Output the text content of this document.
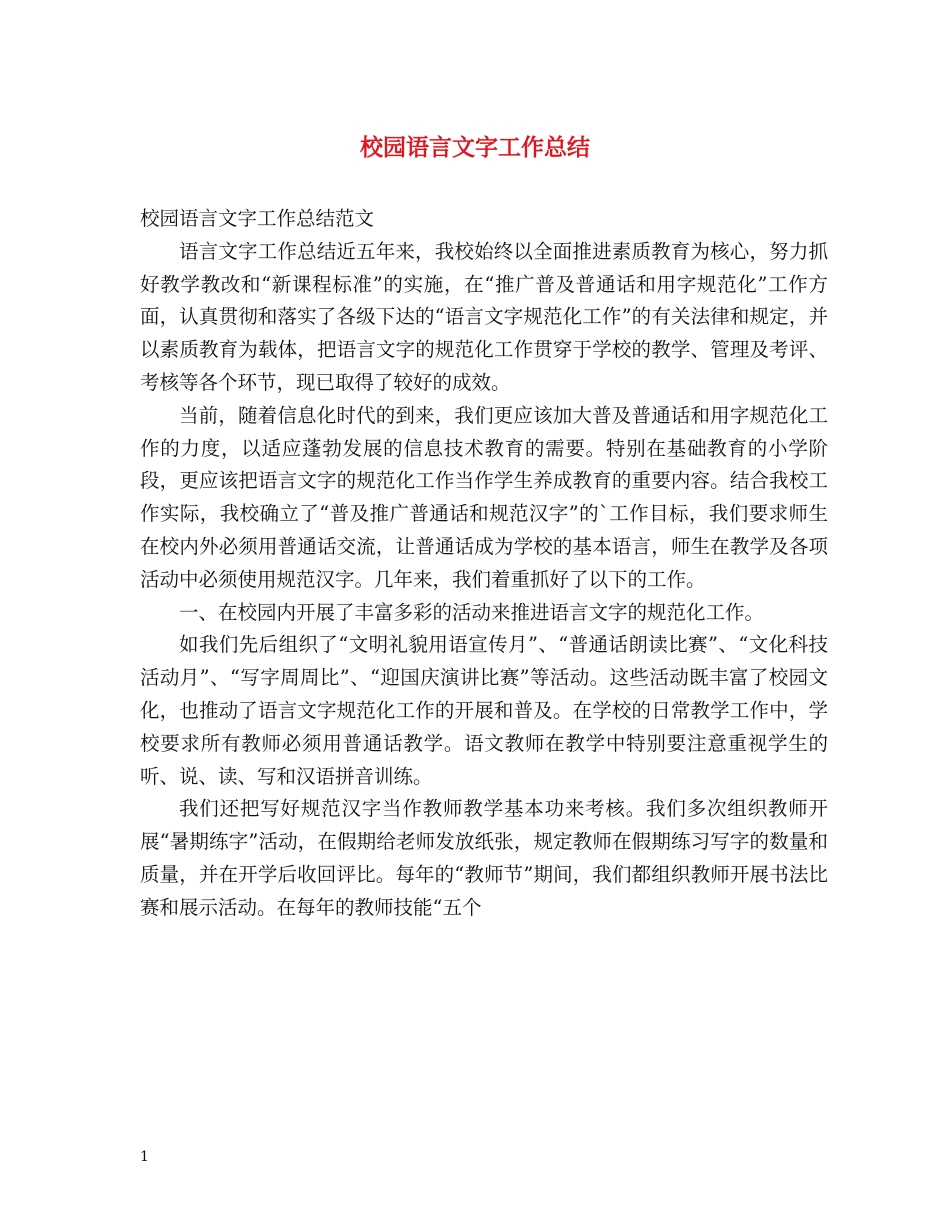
校园语言文字工作总结

校园语言文字工作总结范文

语言文字工作总结近五年来，我校始终以全面推进素质教育为核心，努力抓好教学教改和“新课程标准”的实施，在“推广普及普通话和用字规范化”工作方面，认真贯彻和落实了各级下达的“语言文字规范化工作”的有关法律和规定，并以素质教育为载体，把语言文字的规范化工作贯穿于学校的教学、管理及考评、考核等各个环节，现已取得了较好的成效。

当前，随着信息化时代的到来，我们更应该加大普及普通话和用字规范化工作的力度，以适应蓬勃发展的信息技术教育的需要。特别在基础教育的小学阶段，更应该把语言文字的规范化工作当作学生养成教育的重要内容。结合我校工作实际，我校确立了“普及推广普通话和规范汉字”的`工作目标，我们要求师生在校内外必须用普通话交流，让普通话成为学校的基本语言，师生在教学及各项活动中必须使用规范汉字。几年来，我们着重抓好了以下的工作。

一、在校园内开展了丰富多彩的活动来推进语言文字的规范化工作。

如我们先后组织了“文明礼貌用语宣传月”、“普通话朗读比赛”、“文化科技活动月”、“写字周周比”、“迎国庆演讲比赛”等活动。这些活动既丰富了校园文化，也推动了语言文字规范化工作的开展和普及。在学校的日常教学工作中，学校要求所有教师必须用普通话教学。语文教师在教学中特别要注意重视学生的听、说、读、写和汉语拼音训练。

我们还把写好规范汉字当作教师教学基本功来考核。我们多次组织教师开展“暑期练字”活动，在假期给老师发放纸张，规定教师在假期练习写字的数量和质量，并在开学后收回评比。每年的“教师节”期间，我们都组织教师开展书法比赛和展示活动。在每年的教师技能“五个

1
